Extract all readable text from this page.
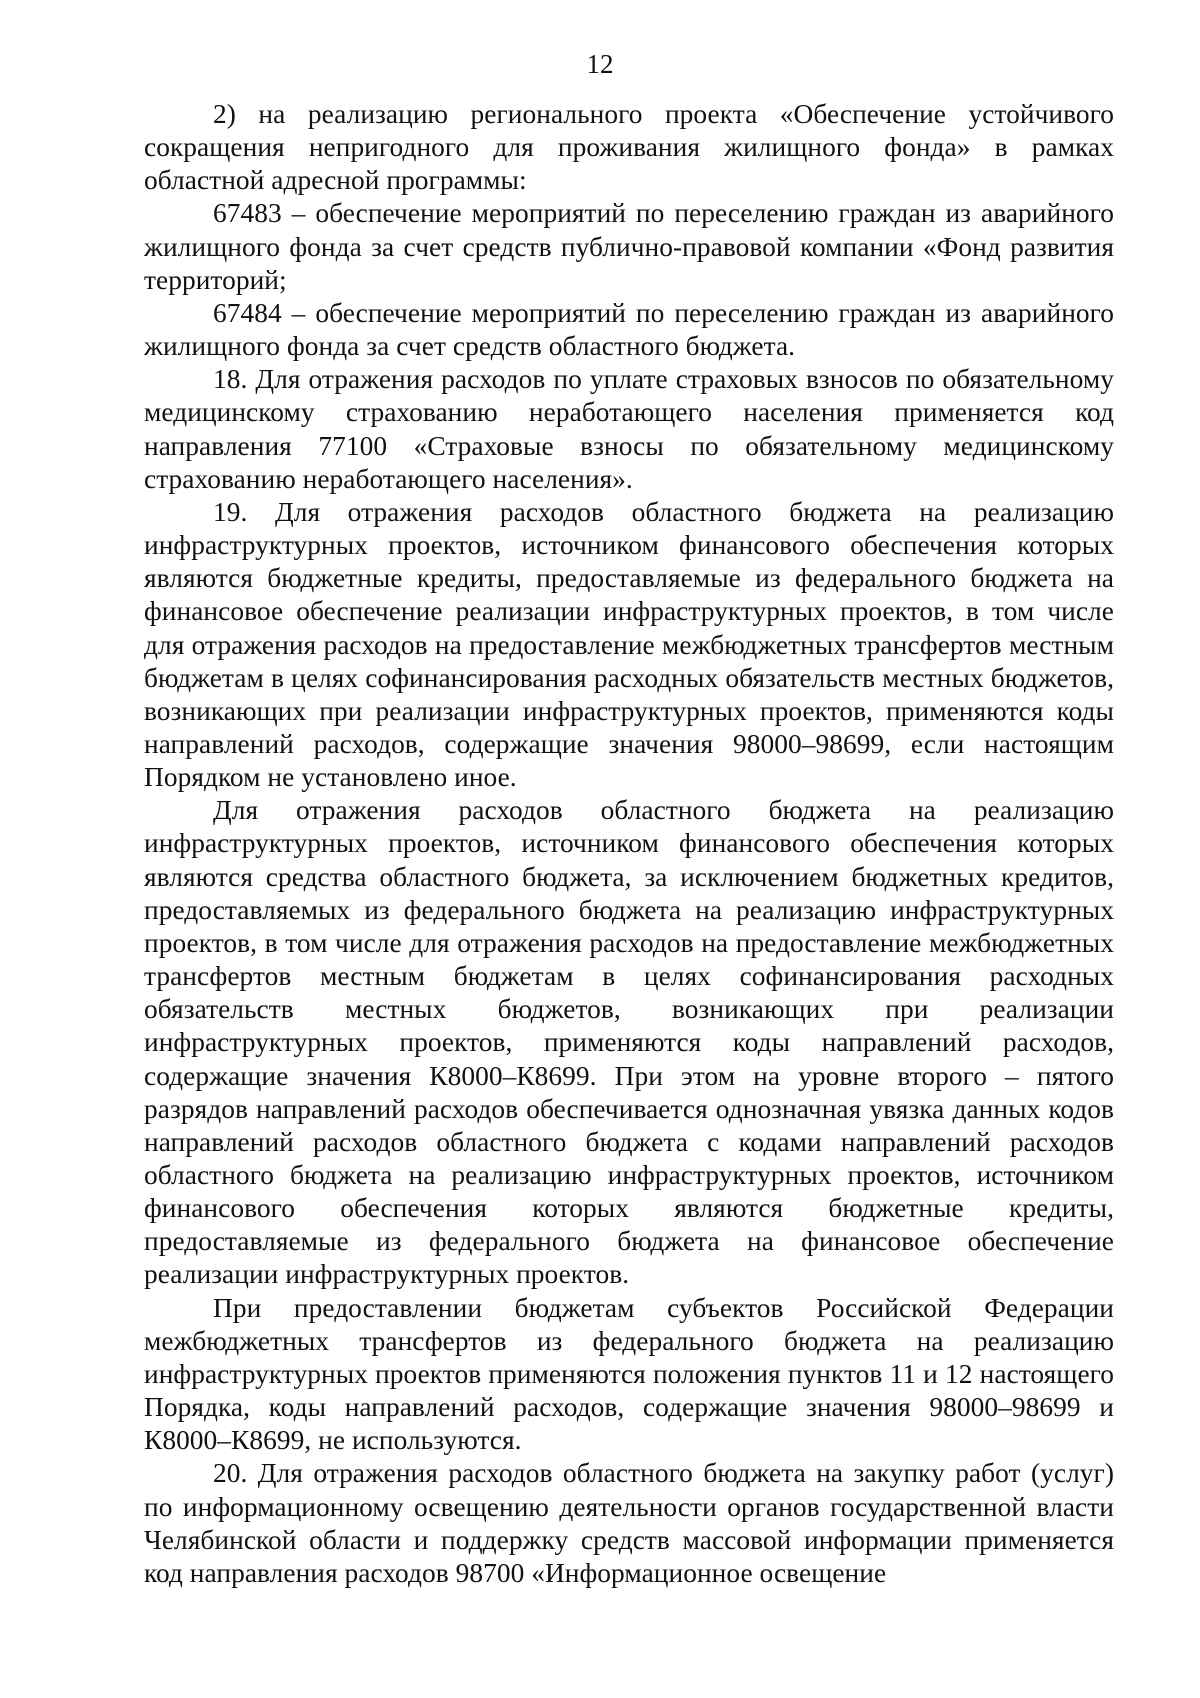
12

2) на реализацию регионального проекта «Обеспечение устойчивого сокращения непригодного для проживания жилищного фонда» в рамках областной адресной программы:

67483 – обеспечение мероприятий по переселению граждан из аварийного жилищного фонда за счет средств публично-правовой компании «Фонд развития территорий;

67484 – обеспечение мероприятий по переселению граждан из аварийного жилищного фонда за счет средств областного бюджета.

18. Для отражения расходов по уплате страховых взносов по обязательному медицинскому страхованию неработающего населения применяется код направления 77100 «Страховые взносы по обязательному медицинскому страхованию неработающего населения».

19. Для отражения расходов областного бюджета на реализацию инфраструктурных проектов, источником финансового обеспечения которых являются бюджетные кредиты, предоставляемые из федерального бюджета на финансовое обеспечение реализации инфраструктурных проектов, в том числе для отражения расходов на предоставление межбюджетных трансфертов местным бюджетам в целях софинансирования расходных обязательств местных бюджетов, возникающих при реализации инфраструктурных проектов, применяются коды направлений расходов, содержащие значения 98000–98699, если настоящим Порядком не установлено иное.

Для отражения расходов областного бюджета на реализацию инфраструктурных проектов, источником финансового обеспечения которых являются средства областного бюджета, за исключением бюджетных кредитов, предоставляемых из федерального бюджета на реализацию инфраструктурных проектов, в том числе для отражения расходов на предоставление межбюджетных трансфертов местным бюджетам в целях софинансирования расходных обязательств местных бюджетов, возникающих при реализации инфраструктурных проектов, применяются коды направлений расходов, содержащие значения К8000–К8699. При этом на уровне второго – пятого разрядов направлений расходов обеспечивается однозначная увязка данных кодов направлений расходов областного бюджета с кодами направлений расходов областного бюджета на реализацию инфраструктурных проектов, источником финансового обеспечения которых являются бюджетные кредиты, предоставляемые из федерального бюджета на финансовое обеспечение реализации инфраструктурных проектов.

При предоставлении бюджетам субъектов Российской Федерации межбюджетных трансфертов из федерального бюджета на реализацию инфраструктурных проектов применяются положения пунктов 11 и 12 настоящего Порядка, коды направлений расходов, содержащие значения 98000–98699 и К8000–К8699, не используются.

20. Для отражения расходов областного бюджета на закупку работ (услуг) по информационному освещению деятельности органов государственной власти Челябинской области и поддержку средств массовой информации применяется код направления расходов 98700 «Информационное освещение
